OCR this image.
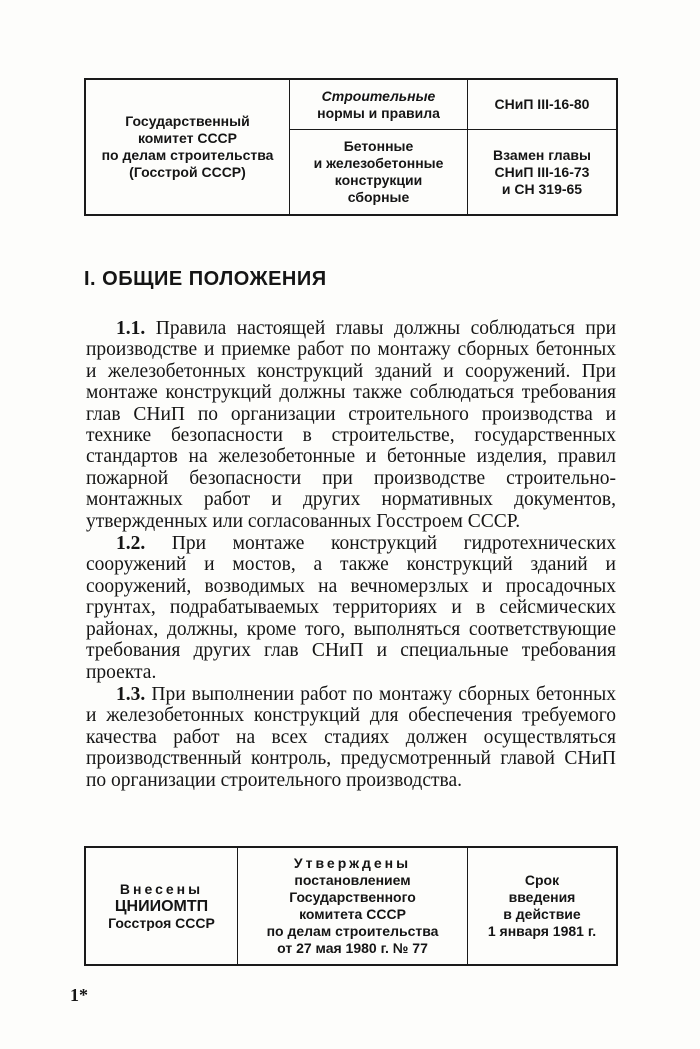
Государственный
комитет СССР
по делам строительства
(Госстрой СССР)
Строительные
нормы и правила
Бетонные
и железобетонные
конструкции
сборные
СНиП III-16-80
Взамен главы
СНиП III-16-73
и СН 319-65
I. ОБЩИЕ ПОЛОЖЕНИЯ

1.1. Правила настоящей главы должны соблюдаться при производстве и приемке работ по монтажу сборных бетонных и железобетонных конструкций зданий и сооружений. При монтаже конструкций должны также соблюдаться требования глав СНиП по организации строительного производства и технике безопасности в строительстве, государственных стандартов на железобетонные и бетонные изделия, правил пожарной безопасности при производстве строительно-монтажных работ и других нормативных документов, утвержденных или согласованных Госстроем СССР.

1.2. При монтаже конструкций гидротехнических сооружений и мостов, а также конструкций зданий и сооружений, возводимых на вечномерзлых и просадочных грунтах, подрабатываемых территориях и в сейсмических районах, должны, кроме того, выполняться соответствующие требования других глав СНиП и специальные требования проекта.

1.3. При выполнении работ по монтажу сборных бетонных и железобетонных конструкций для обеспечения требуемого качества работ на всех стадиях должен осуществляться производственный контроль, предусмотренный главой СНиП по организации строительного производства.

Внесены
ЦНИИОМТП
Госстроя СССР
Утверждены
постановлением
Государственного
комитета СССР
по делам строительства
от 27 мая 1980 г. № 77
Срок
введения
в действие
1 января 1981 г.
1*
